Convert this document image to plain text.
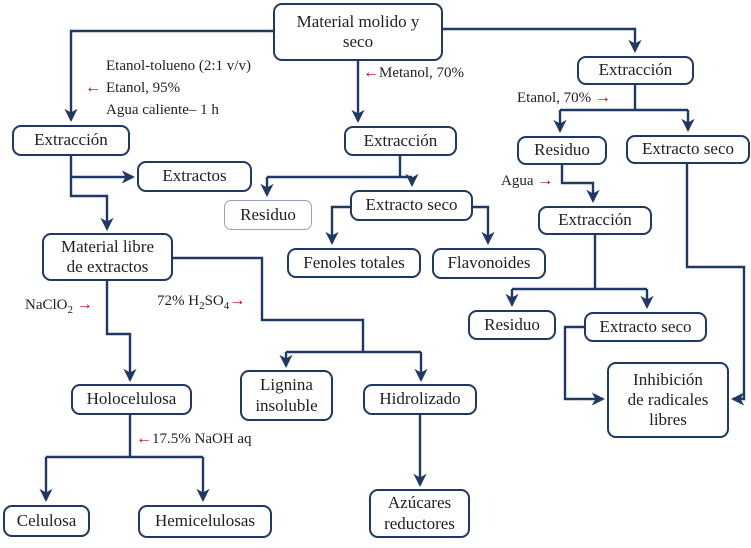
Material molido y
seco
Extracción
Extractos
Extracción
Residuo	Extracto seco
Fenoles totales	Flavonoides
Material libre
de extractos
Extracción
Residuo	Extracto seco
Extracción
Residuo	Extracto seco
Inhibición
de radicales
libres
Holocelulosa
Lignina
insoluble	Hidrolizado
Celulosa	Hemicelulosas
Azúcares
reductores
Etanol-tolueno (2:1 v/v)
← Etanol, 95%
Agua caliente– 1 h
←Metanol, 70%
Etanol, 70% →
Agua →
NaClO$_2$ →	72% $H_2SO_4\to$
←17.5% NaOH aq
